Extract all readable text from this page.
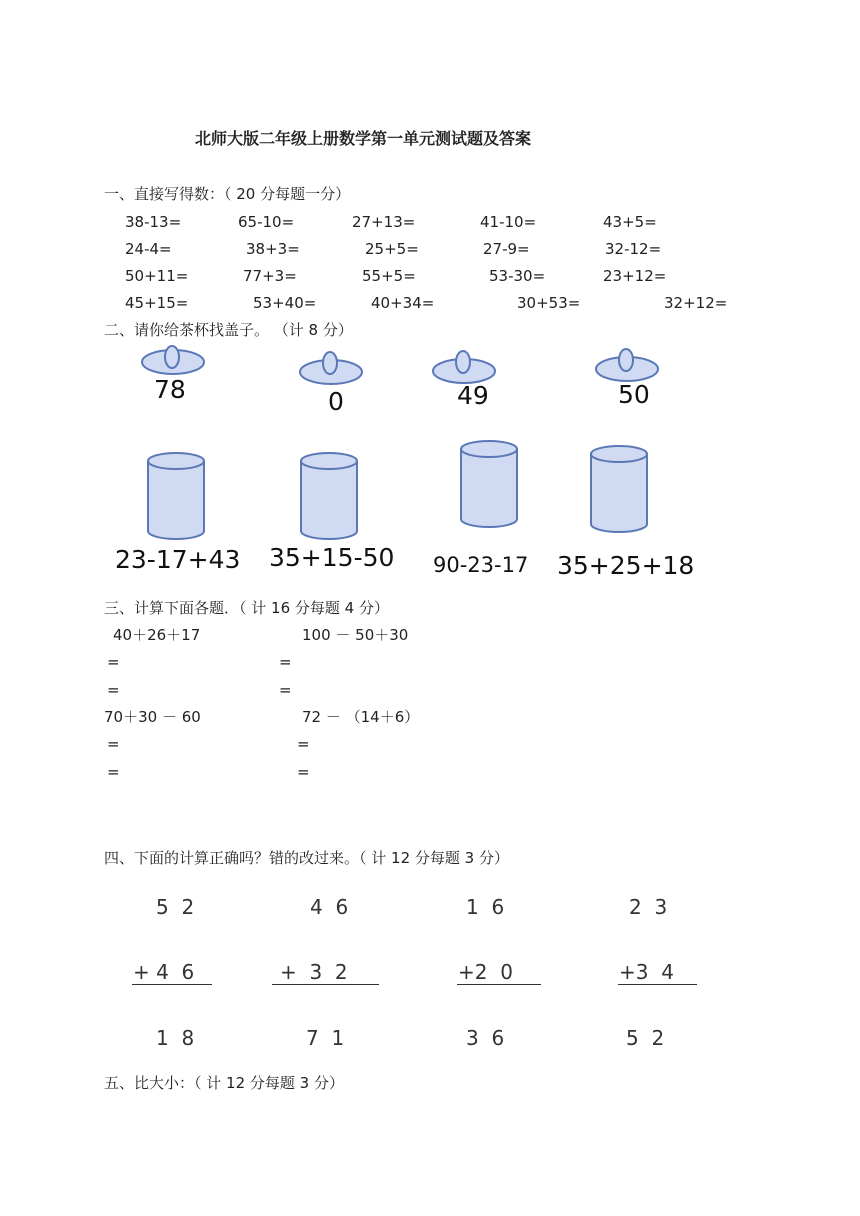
北师大版二年级上册数学第一单元测试题及答案
一、直接写得数：（ 20 分每题一分）
38-13=	65-10=	27+13=	41-10=	43+5=
24-4=	38+3=	25+5=	27-9=	32-12=
50+11=	77+3=	55+5=	53-30=	23+12=
45+15=	53+40=	40+34=	30+53=	32+12=
二、请你给茶杯找盖子。 （计 8 分）
78	0	49	50
23-17+43 35+15-50 90-23-17 35+25+18
三、计算下面各题．（ 计 16 分每题 4 分）
40＋26＋17	100 － 50＋30
=	=
=	=
70＋30 － 60	72 － （14＋6）
=	=
=	=
四、下面的计算正确吗？错的改过来。（ 计 12 分每题 3 分）
5  2
+ 4  6
1  8
4  6
+  3  2
7  1
1  6
+2  0
3  6
2  3
+3  4
5  2
五、比大小：（ 计 12 分每题 3 分）
